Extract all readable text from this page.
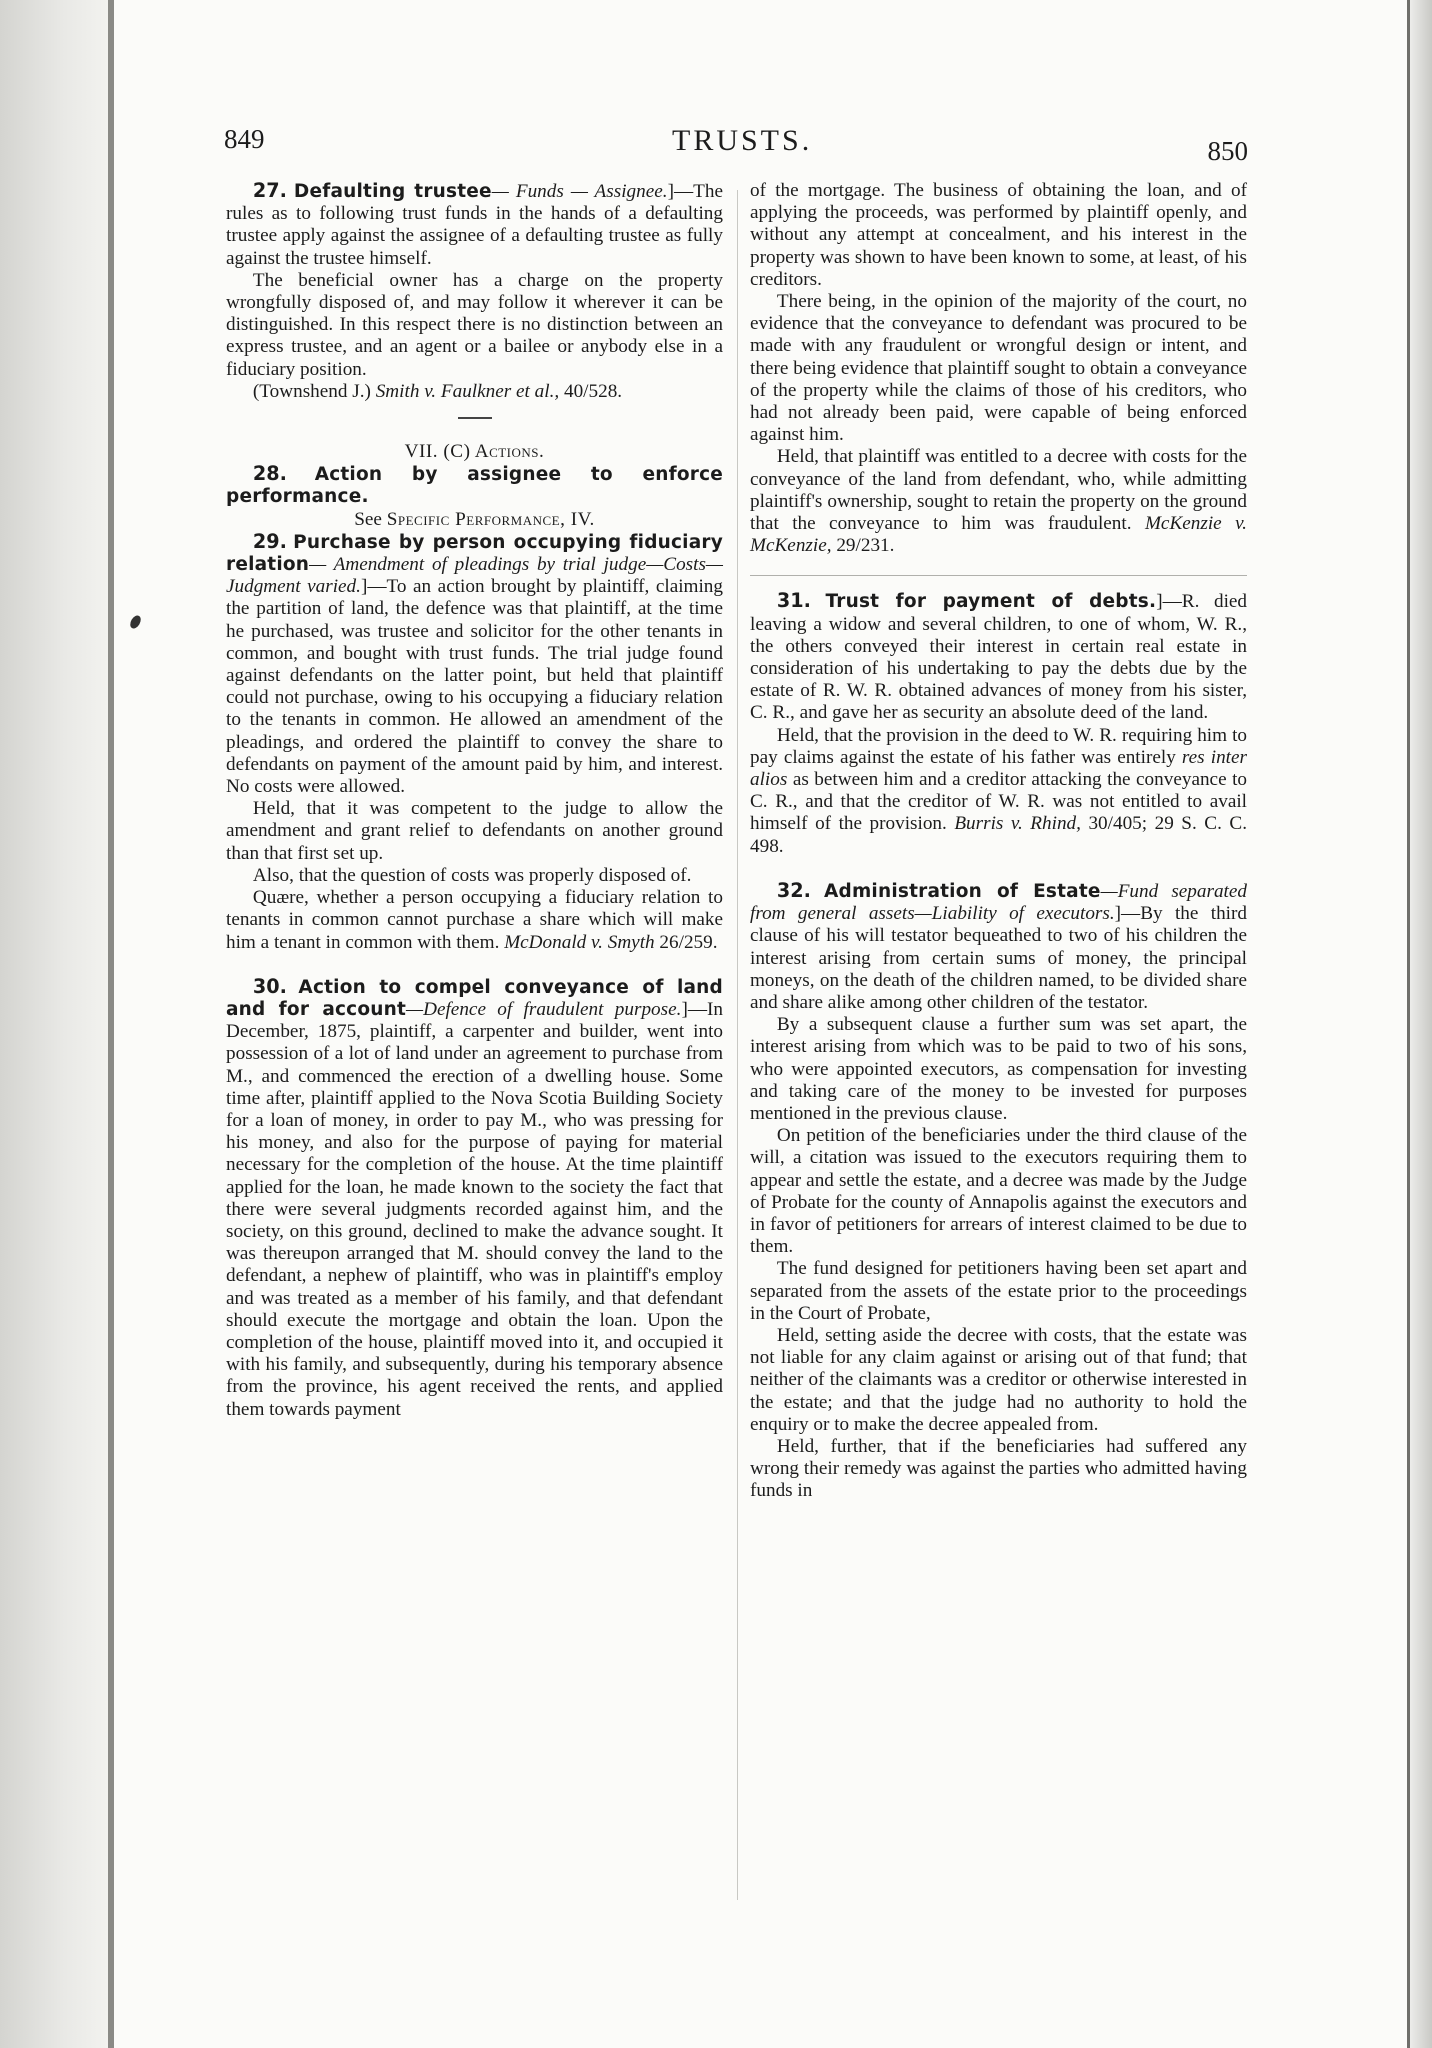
849	TRUSTS.	850

27. Defaulting trustee— Funds — Assignee.]—The rules as to following trust funds in the hands of a defaulting trustee apply against the assignee of a defaulting trustee as fully against the trustee himself.

The beneficial owner has a charge on the property wrongfully disposed of, and may follow it wherever it can be distinguished. In this respect there is no distinction between an express trustee, and an agent or a bailee or anybody else in a fiduciary position.

(Townshend J.) Smith v. Faulkner et al., 40/528.

VII. (C) Actions.

28. Action by assignee to enforce performance.

See Specific Performance, IV.

29. Purchase by person occupying fiduciary relation— Amendment of pleadings by trial judge—Costs—Judgment varied.]—To an action brought by plaintiff, claiming the partition of land, the defence was that plaintiff, at the time he purchased, was trustee and solicitor for the other tenants in common, and bought with trust funds. The trial judge found against defendants on the latter point, but held that plaintiff could not purchase, owing to his occupying a fiduciary relation to the tenants in common. He allowed an amendment of the pleadings, and ordered the plaintiff to convey the share to defendants on payment of the amount paid by him, and interest. No costs were allowed.

Held, that it was competent to the judge to allow the amendment and grant relief to defendants on another ground than that first set up.

Also, that the question of costs was properly disposed of.

Quære, whether a person occupying a fiduciary relation to tenants in common cannot purchase a share which will make him a tenant in common with them. McDonald v. Smyth 26/259.

30. Action to compel conveyance of land and for account—Defence of fraudulent purpose.]—In December, 1875, plaintiff, a carpenter and builder, went into possession of a lot of land under an agreement to purchase from M., and commenced the erection of a dwelling house. Some time after, plaintiff applied to the Nova Scotia Building Society for a loan of money, in order to pay M., who was pressing for his money, and also for the purpose of paying for material necessary for the completion of the house. At the time plaintiff applied for the loan, he made known to the society the fact that there were several judgments recorded against him, and the society, on this ground, declined to make the advance sought. It was thereupon arranged that M. should convey the land to the defendant, a nephew of plaintiff, who was in plaintiff's employ and was treated as a member of his family, and that defendant should execute the mortgage and obtain the loan. Upon the completion of the house, plaintiff moved into it, and occupied it with his family, and subsequently, during his temporary absence from the province, his agent received the rents, and applied them towards payment

of the mortgage. The business of obtaining the loan, and of applying the proceeds, was performed by plaintiff openly, and without any attempt at concealment, and his interest in the property was shown to have been known to some, at least, of his creditors.

There being, in the opinion of the majority of the court, no evidence that the conveyance to defendant was procured to be made with any fraudulent or wrongful design or intent, and there being evidence that plaintiff sought to obtain a conveyance of the property while the claims of those of his creditors, who had not already been paid, were capable of being enforced against him.

Held, that plaintiff was entitled to a decree with costs for the conveyance of the land from defendant, who, while admitting plaintiff's ownership, sought to retain the property on the ground that the conveyance to him was fraudulent. McKenzie v. McKenzie, 29/231.

31. Trust for payment of debts.]—R. died leaving a widow and several children, to one of whom, W. R., the others conveyed their interest in certain real estate in consideration of his undertaking to pay the debts due by the estate of R. W. R. obtained advances of money from his sister, C. R., and gave her as security an absolute deed of the land.

Held, that the provision in the deed to W. R. requiring him to pay claims against the estate of his father was entirely res inter alios as between him and a creditor attacking the conveyance to C. R., and that the creditor of W. R. was not entitled to avail himself of the provision. Burris v. Rhind, 30/405; 29 S. C. C. 498.

32. Administration of Estate—Fund separated from general assets—Liability of executors.]—By the third clause of his will testator bequeathed to two of his children the interest arising from certain sums of money, the principal moneys, on the death of the children named, to be divided share and share alike among other children of the testator.

By a subsequent clause a further sum was set apart, the interest arising from which was to be paid to two of his sons, who were appointed executors, as compensation for investing and taking care of the money to be invested for purposes mentioned in the previous clause.

On petition of the beneficiaries under the third clause of the will, a citation was issued to the executors requiring them to appear and settle the estate, and a decree was made by the Judge of Probate for the county of Annapolis against the executors and in favor of petitioners for arrears of interest claimed to be due to them.

The fund designed for petitioners having been set apart and separated from the assets of the estate prior to the proceedings in the Court of Probate,

Held, setting aside the decree with costs, that the estate was not liable for any claim against or arising out of that fund; that neither of the claimants was a creditor or otherwise interested in the estate; and that the judge had no authority to hold the enquiry or to make the decree appealed from.

Held, further, that if the beneficiaries had suffered any wrong their remedy was against the parties who admitted having funds in
